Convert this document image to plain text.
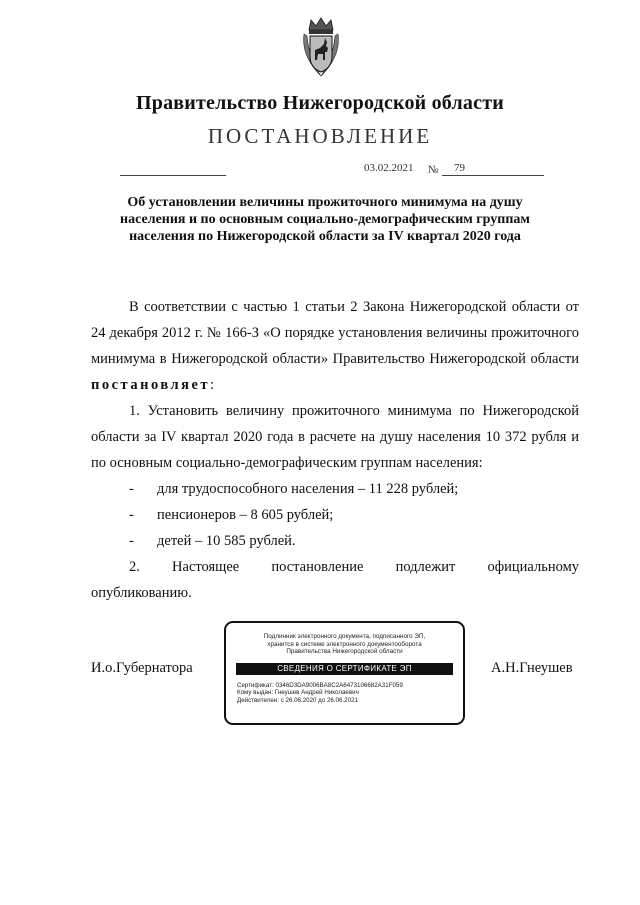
Правительство Нижегородской области
ПОСТАНОВЛЕНИЕ
03.02.2021 №	79
Об установлении величины прожиточного минимума на душу населения и по основным социально-демографическим группам населения по Нижегородской области за IV квартал 2020 года

В соответствии с частью 1 статьи 2 Закона Нижегородской области от 24 декабря 2012 г. № 166-З «О порядке установления величины прожиточного минимума в Нижегородской области» Правительство Нижегородской области постановляет:

1. Установить величину прожиточного минимума по Нижегородской области за IV квартал 2020 года в расчете на душу населения 10 372 рубля и по основным социально-демографическим группам населения:

-	для трудоспособного населения – 11 228 рублей;
-	пенсионеров – 8 605 рублей;
-	детей – 10 585 рублей.
2. Настоящее постановление подлежит официальному
опубликованию.
И.о.Губернатора	А.Н.Гнеушев
Подлинник электронного документа, подписанного ЭП,
хранится в системе электронного документооборота
Правительства Нижегородской области
СВЕДЕНИЯ О СЕРТИФИКАТЕ ЭП
Сертификат: 0346D3DA9006BA8C2A6473106682A31F059
Кому выдан: Гнеушев Андрей Николаевич
Действителен: с 26.06.2020 до 26.06.2021
